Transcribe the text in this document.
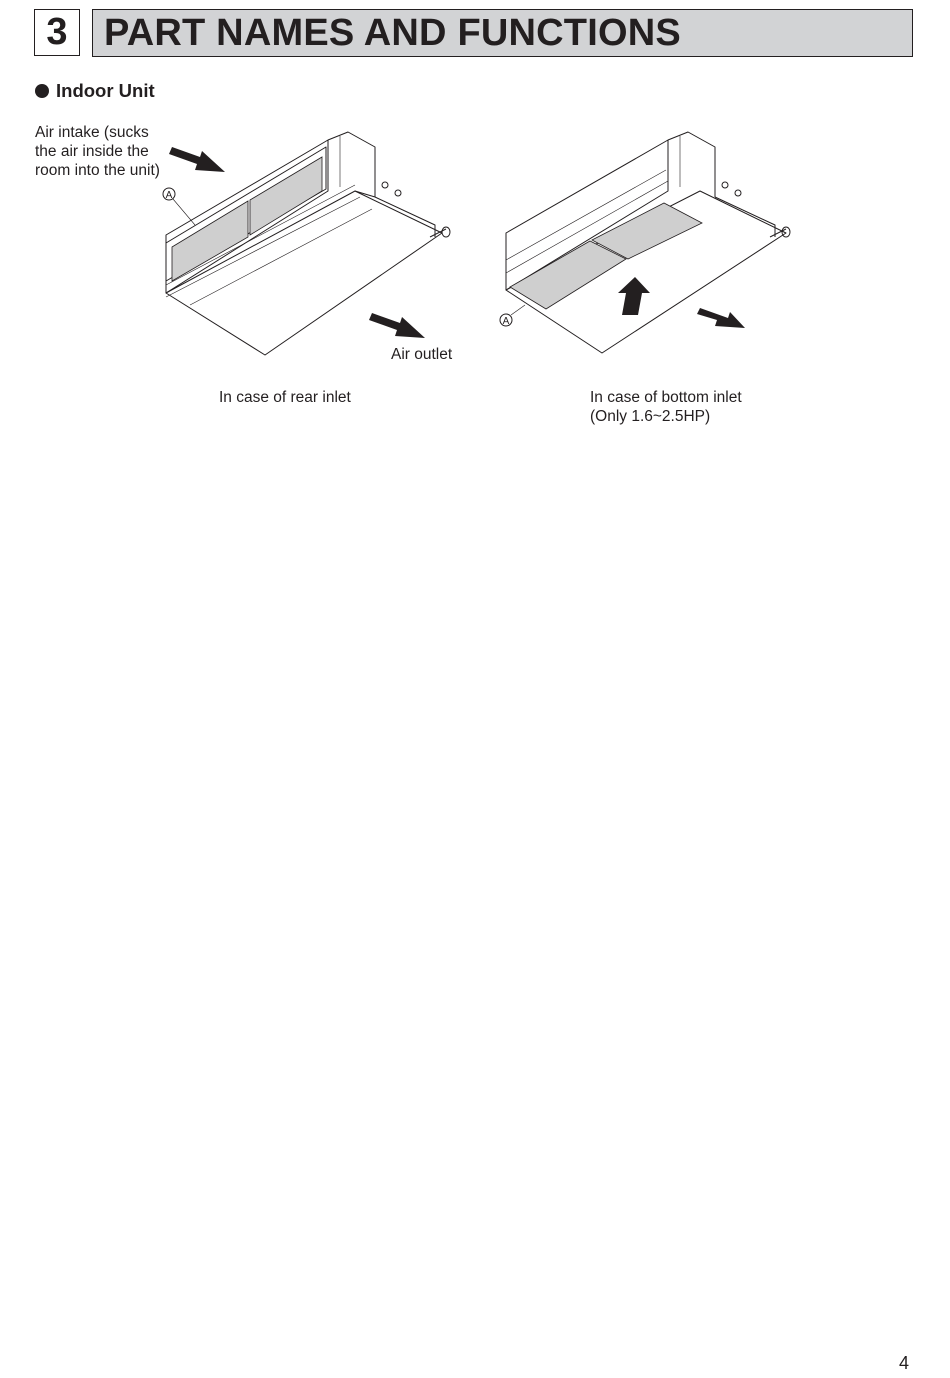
3 PART NAMES AND FUNCTIONS
Indoor Unit
Air intake (sucks the air inside the room into the unit)
A
Air outlet
A
In case of rear inlet	In case of bottom inlet
(Only 1.6~2.5HP)
4
